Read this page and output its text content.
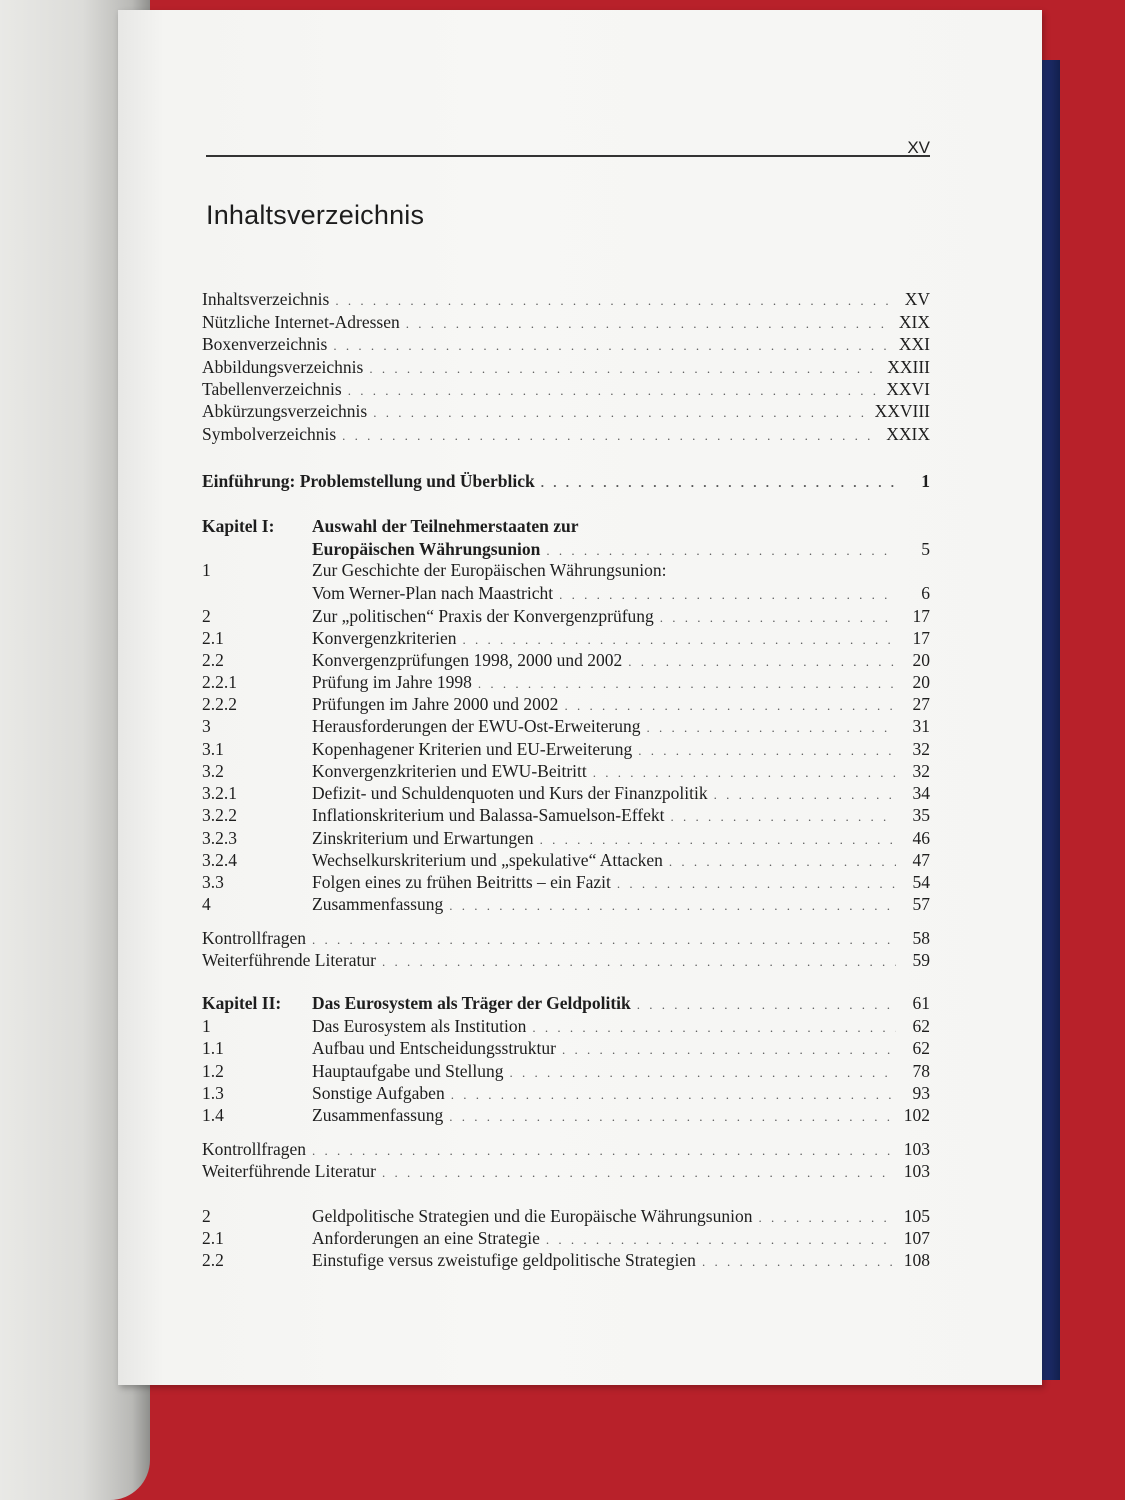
XV
Inhaltsverzeichnis
Inhaltsverzeichnis . . .	XV
Nützliche Internet-Adressen . . .	XIX
Boxenverzeichnis . . .	XXI
Abbildungsverzeichnis . . .	XXIII
Tabellenverzeichnis . . .	XXVI
Abkürzungsverzeichnis . . .	XXVIII
Symbolverzeichnis . . .	XXIX
Einführung: Problemstellung und Überblick . . .	1
Kapitel I: Auswahl der Teilnehmerstaaten zur
Europäischen Währungsunion . . .	5
1	Zur Geschichte der Europäischen Währungsunion:
Vom Werner-Plan nach Maastricht . . .	6
2	Zur „politischen“ Praxis der Konvergenzprüfung . . .	17
2.1	Konvergenzkriterien . . .	17
2.2	Konvergenzprüfungen 1998, 2000 und 2002 . . .	20
2.2.1	Prüfung im Jahre 1998 . . .	20
2.2.2	Prüfungen im Jahre 2000 und 2002 . . .	27
3	Herausforderungen der EWU-Ost-Erweiterung . . .	31
3.1	Kopenhagener Kriterien und EU-Erweiterung . . .	32
3.2	Konvergenzkriterien und EWU-Beitritt . . .	32
3.2.1	Defizit- und Schuldenquoten und Kurs der Finanzpolitik . . .	34
3.2.2	Inflationskriterium und Balassa-Samuelson-Effekt . . .	35
3.2.3	Zinskriterium und Erwartungen . . .	46
3.2.4	Wechselkurskriterium und „spekulative“ Attacken . . .	47
3.3	Folgen eines zu frühen Beitritts – ein Fazit . . .	54
4	Zusammenfassung . . .	57
Kontrollfragen . . .	58
Weiterführende Literatur . . .	59
Kapitel II: Das Eurosystem als Träger der Geldpolitik . . .	61
1	Das Eurosystem als Institution . . .	62
1.1	Aufbau und Entscheidungsstruktur . . .	62
1.2	Hauptaufgabe und Stellung . . .	78
1.3	Sonstige Aufgaben . . .	93
1.4	Zusammenfassung . . .	102
Kontrollfragen . . .	103
Weiterführende Literatur . . .	103
2	Geldpolitische Strategien und die Europäische Währungsunion . . .	105
2.1	Anforderungen an eine Strategie . . .	107
2.2	Einstufige versus zweistufige geldpolitische Strategien . . .	108
